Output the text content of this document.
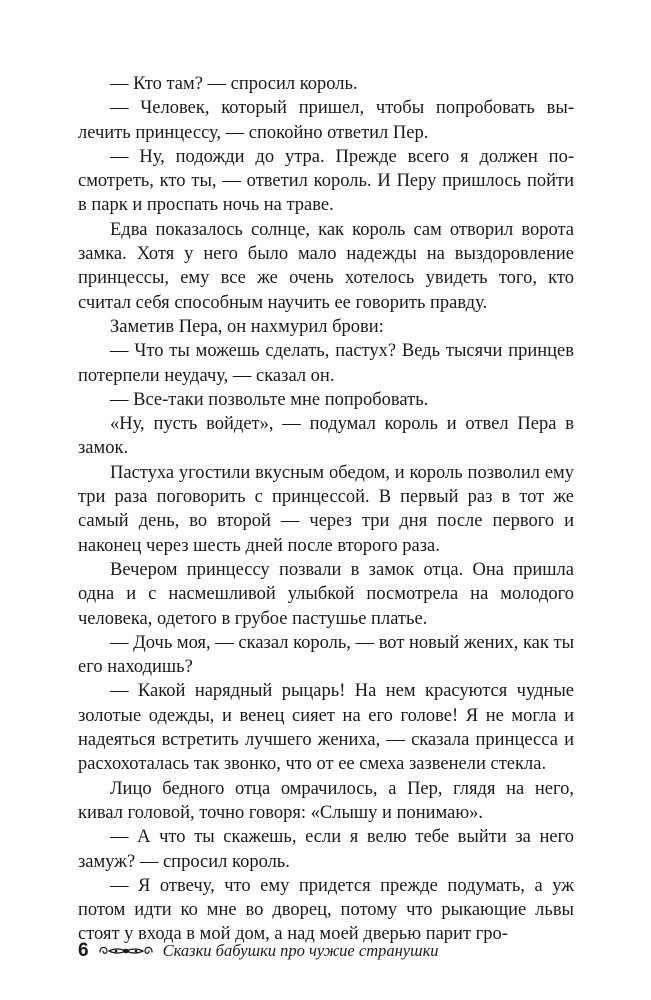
— Кто там? — спросил король.

— Человек, который пришел, чтобы попробовать вылечить принцессу, — спокойно ответил Пер.

— Ну, подожди до утра. Прежде всего я должен посмотреть, кто ты, — ответил король. И Перу пришлось пойти в парк и проспать ночь на траве.

Едва показалось солнце, как король сам отворил ворота замка. Хотя у него было мало надежды на выздоровление принцессы, ему все же очень хотелось увидеть того, кто считал себя способным научить ее говорить правду.

Заметив Пера, он нахмурил брови:

— Что ты можешь сделать, пастух? Ведь тысячи принцев потерпели неудачу, — сказал он.

— Все-таки позвольте мне попробовать.

«Ну, пусть войдет», — подумал король и отвел Пера в замок.

Пастуха угостили вкусным обедом, и король позволил ему три раза поговорить с принцессой. В первый раз в тот же самый день, во второй — через три дня после первого и наконец через шесть дней после второго раза.

Вечером принцессу позвали в замок отца. Она пришла одна и с насмешливой улыбкой посмотрела на молодого человека, одетого в грубое пастушье платье.

— Дочь моя, — сказал король, — вот новый жених, как ты его находишь?

— Какой нарядный рыцарь! На нем красуются чудные золотые одежды, и венец сияет на его голове! Я не могла и надеяться встретить лучшего жениха, — сказала принцесса и расхохоталась так звонко, что от ее смеха зазвенели стекла.

Лицо бедного отца омрачилось, а Пер, глядя на него, кивал головой, точно говоря: «Слышу и понимаю».

— А что ты скажешь, если я велю тебе выйти за него замуж? — спросил король.

— Я отвечу, что ему придется прежде подумать, а уж потом идти ко мне во дворец, потому что рыкающие львы стоят у входа в мой дом, а над моей дверью парит гро-

6	Сказки бабушки про чужие странушки
